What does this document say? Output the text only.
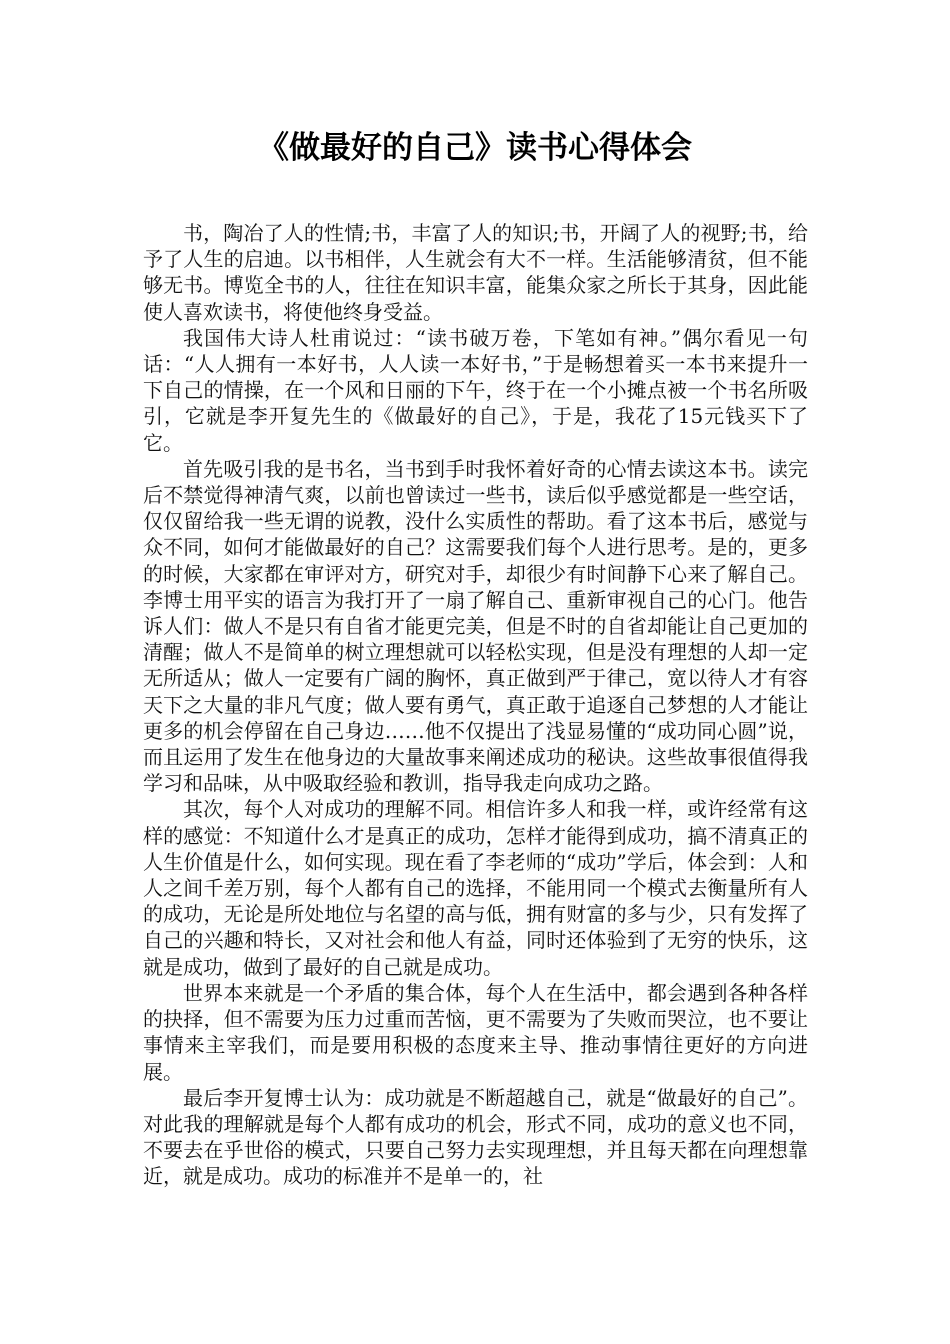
《做最好的自己》读书心得体会

书，陶冶了人的性情;书，丰富了人的知识;书，开阔了人的视野;书，给予了人生的启迪。以书相伴，人生就会有大不一样。生活能够清贫，但不能够无书。博览全书的人，往往在知识丰富，能集众家之所长于其身，因此能使人喜欢读书，将使他终身受益。

我国伟大诗人杜甫说过：“读书破万卷，下笔如有神。”偶尔看见一句话：“人人拥有一本好书，人人读一本好书，”于是畅想着买一本书来提升一下自己的情操，在一个风和日丽的下午，终于在一个小摊点被一个书名所吸引，它就是李开复先生的《做最好的自己》，于是，我花了15元钱买下了它。

首先吸引我的是书名，当书到手时我怀着好奇的心情去读这本书。读完后不禁觉得神清气爽，以前也曾读过一些书，读后似乎感觉都是一些空话，仅仅留给我一些无谓的说教，没什么实质性的帮助。看了这本书后，感觉与众不同，如何才能做最好的自己？这需要我们每个人进行思考。是的，更多的时候，大家都在审评对方，研究对手，却很少有时间静下心来了解自己。李博士用平实的语言为我打开了一扇了解自己、重新审视自己的心门。他告诉人们：做人不是只有自省才能更完美，但是不时的自省却能让自己更加的清醒；做人不是简单的树立理想就可以轻松实现，但是没有理想的人却一定无所适从；做人一定要有广阔的胸怀，真正做到严于律己，宽以待人才有容天下之大量的非凡气度；做人要有勇气，真正敢于追逐自己梦想的人才能让更多的机会停留在自己身边……他不仅提出了浅显易懂的“成功同心圆”说，而且运用了发生在他身边的大量故事来阐述成功的秘诀。这些故事很值得我学习和品味，从中吸取经验和教训，指导我走向成功之路。

其次，每个人对成功的理解不同。相信许多人和我一样，或许经常有这样的感觉：不知道什么才是真正的成功，怎样才能得到成功，搞不清真正的人生价值是什么，如何实现。现在看了李老师的“成功”学后，体会到：人和人之间千差万别，每个人都有自己的选择，不能用同一个模式去衡量所有人的成功，无论是所处地位与名望的高与低，拥有财富的多与少，只有发挥了自己的兴趣和特长，又对社会和他人有益，同时还体验到了无穷的快乐，这就是成功，做到了最好的自己就是成功。

世界本来就是一个矛盾的集合体，每个人在生活中，都会遇到各种各样的抉择，但不需要为压力过重而苦恼，更不需要为了失败而哭泣，也不要让事情来主宰我们，而是要用积极的态度来主导、推动事情往更好的方向进展。

最后李开复博士认为：成功就是不断超越自己，就是“做最好的自己”。对此我的理解就是每个人都有成功的机会，形式不同，成功的意义也不同，不要去在乎世俗的模式，只要自己努力去实现理想，并且每天都在向理想靠近，就是成功。成功的标准并不是单一的，社
